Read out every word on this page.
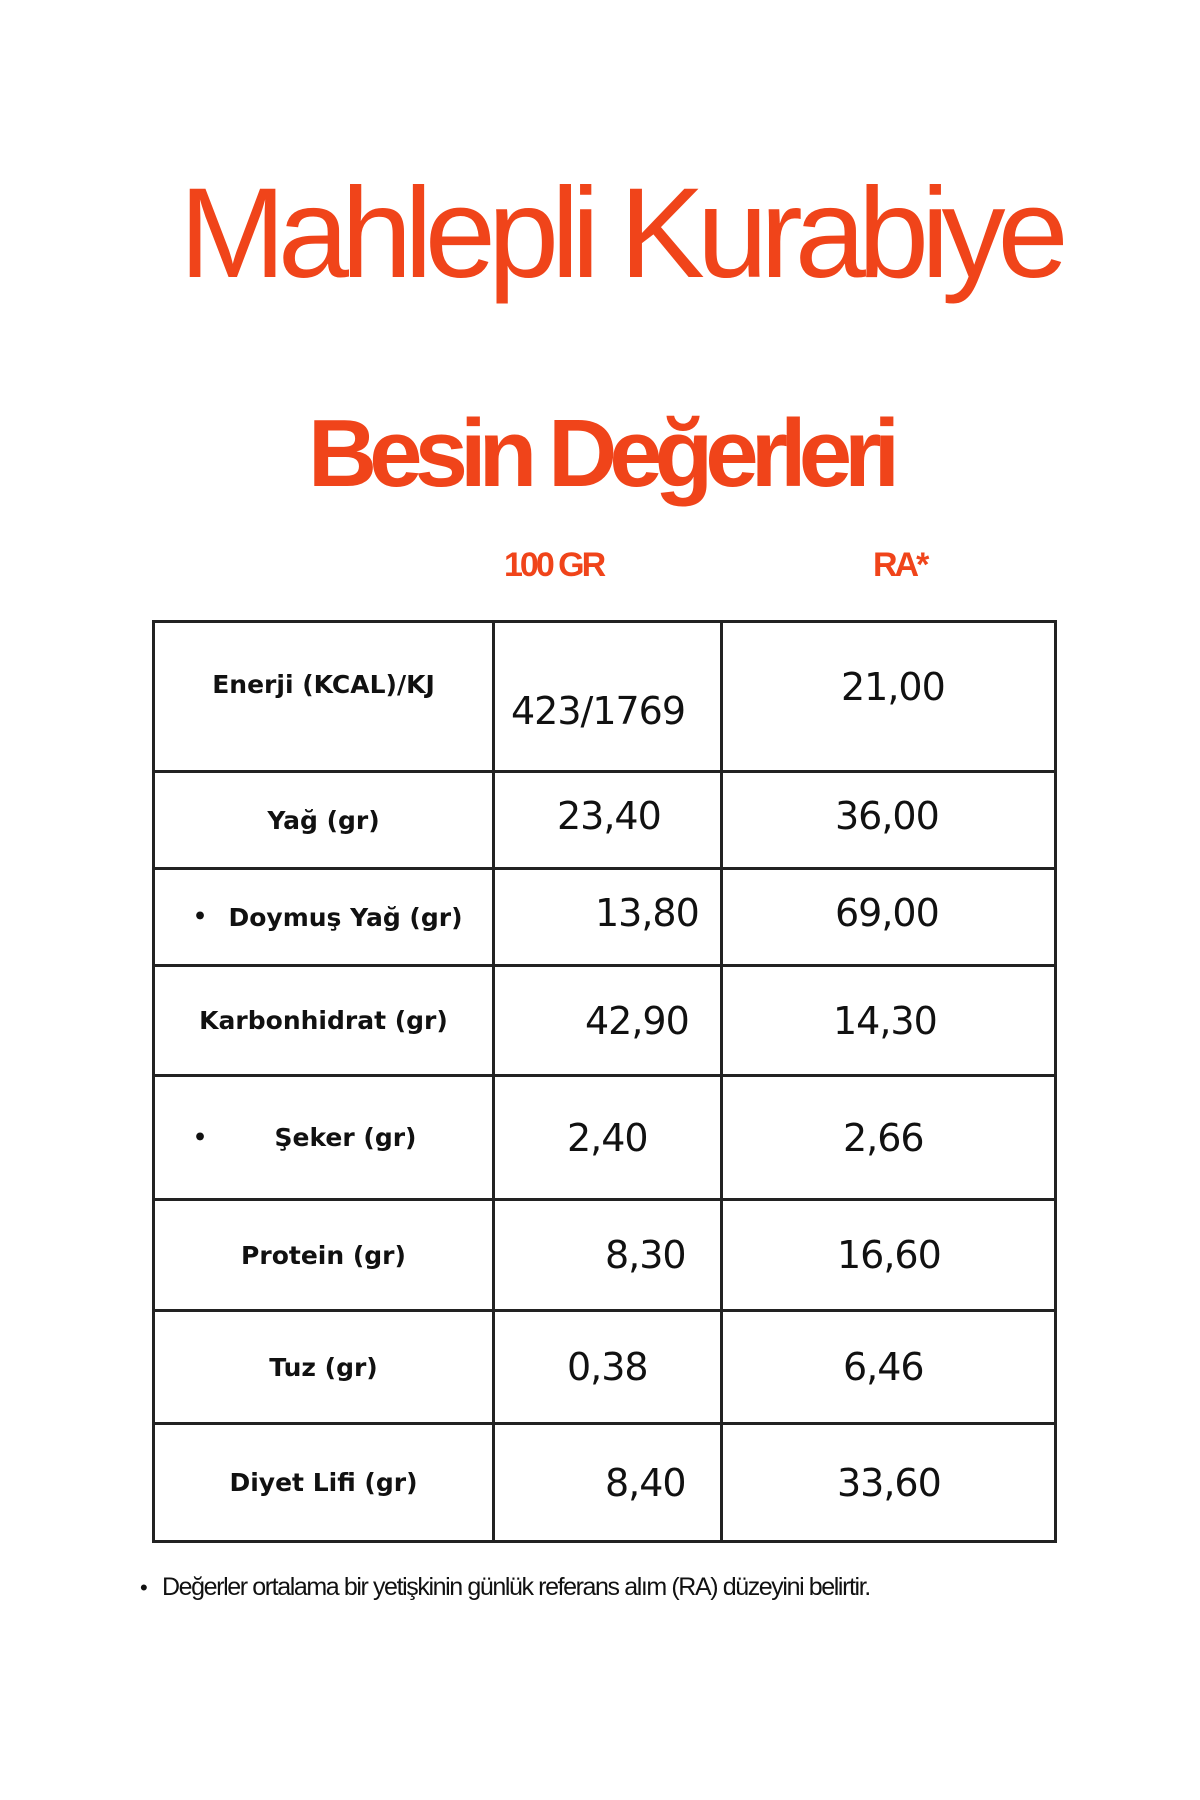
Mahlepli Kurabiye
Besin Değerleri
100 GR	RA*
Enerji (KCAL)/KJ	423/1769	21,00
Yağ (gr)	23,40	36,00

• Doymuş Yağ (gr)	13,80	69,00
Karbonhidrat (gr)	42,90	14,30

• Şeker (gr)	2,40	2,66
Protein (gr)	8,30	16,60
Tuz (gr)	0,38	6,46
Diyet Lifi (gr)	8,40	33,60
• Değerler ortalama bir yetişkinin günlük referans alım (RA) düzeyini belirtir.
